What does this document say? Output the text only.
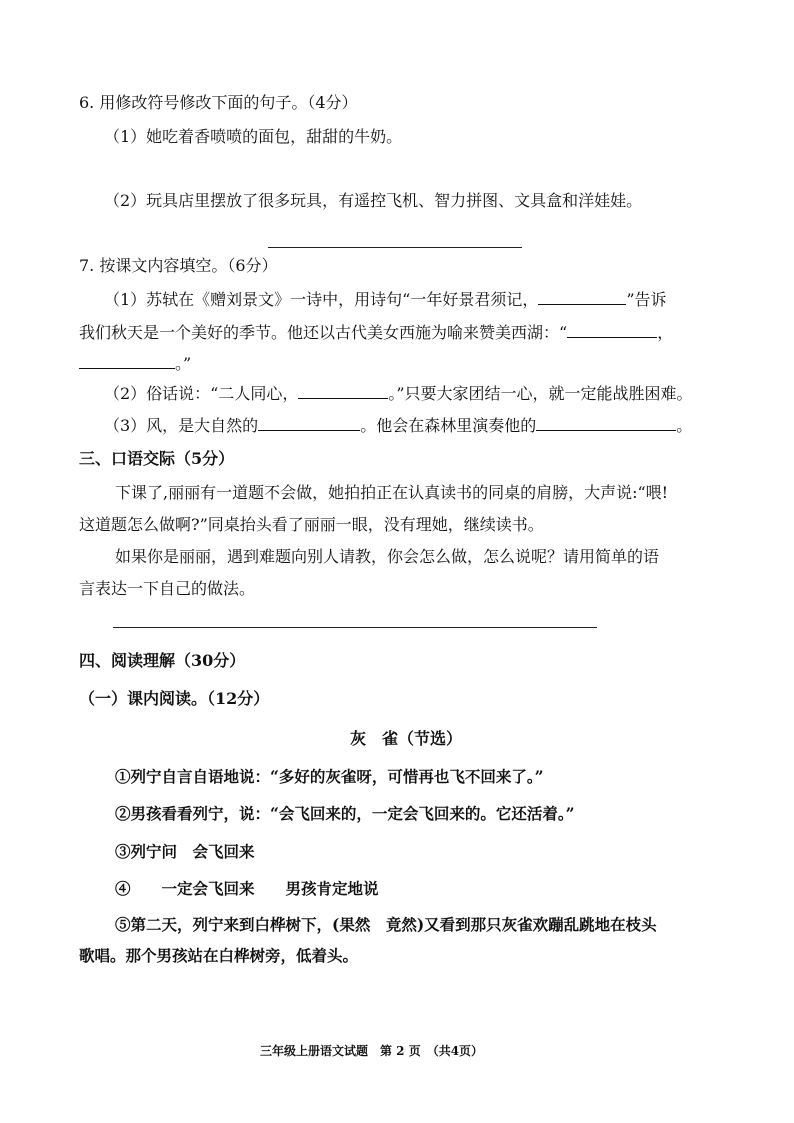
6. 用修改符号修改下面的句子。（4分）
（1）她吃着香喷喷的面包，甜甜的牛奶。
（2）玩具店里摆放了很多玩具，有遥控飞机、智力拼图、文具盒和洋娃娃。
7. 按课文内容填空。（6分）
（1）苏轼在《赠刘景文》一诗中，用诗句“一年好景君须记，	”告诉
我们秋天是一个美好的季节。他还以古代美女西施为喻来赞美西湖：“	，
。”
（2）俗话说：“二人同心，	。”只要大家团结一心，就一定能战胜困难。
（3）风，是大自然的	。他会在森林里演奏他的	。
三、口语交际（5分）
下课了,丽丽有一道题不会做，她拍拍正在认真读书的同桌的肩膀，大声说:“喂!
这道题怎么做啊?”同桌抬头看了丽丽一眼，没有理她，继续读书。
如果你是丽丽，遇到难题向别人请教，你会怎么做，怎么说呢？请用简单的语
言表达一下自己的做法。
四、阅读理解（30分）
（一）课内阅读。（12分）
灰　雀（节选）
①列宁自言自语地说：“多好的灰雀呀，可惜再也飞不回来了。”
②男孩看看列宁，说：“会飞回来的，一定会飞回来的。它还活着。”
③列宁问　会飞回来
④　　一定会飞回来　　男孩肯定地说
⑤第二天，列宁来到白桦树下，(果然　竟然)又看到那只灰雀欢蹦乱跳地在枝头
歌唱。那个男孩站在白桦树旁，低着头。
三年级上册语文试题　第 2 页　（共4页）
